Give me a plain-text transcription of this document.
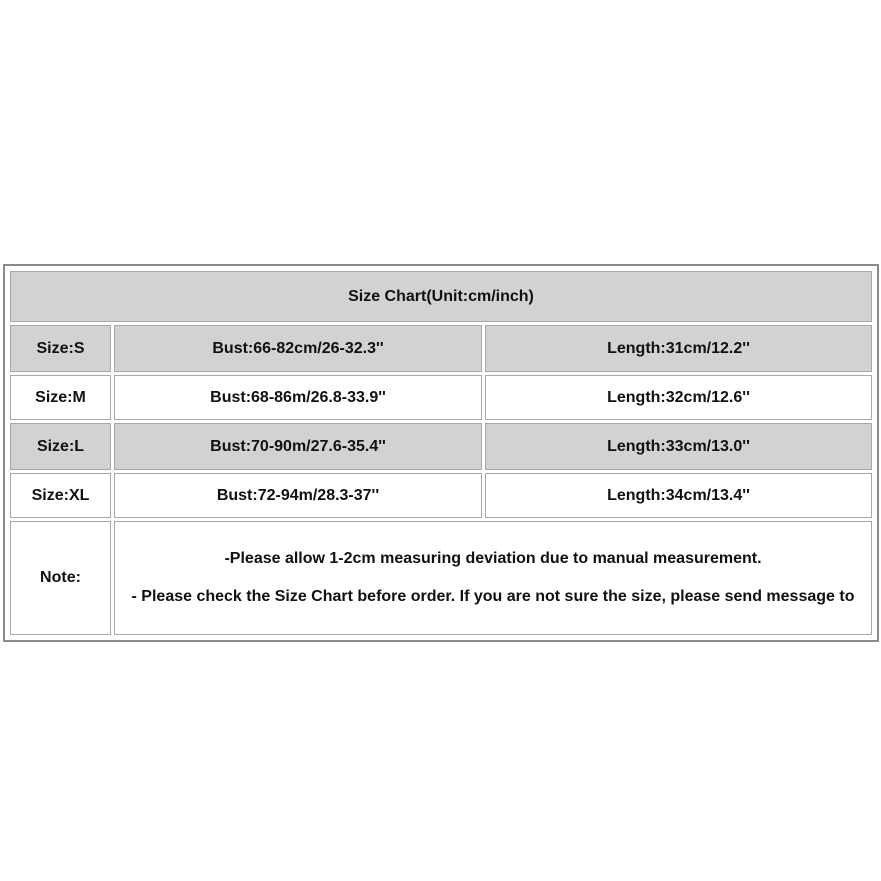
Size Chart(Unit:cm/inch)		
Size:S	Bust:66-82cm/26-32.3''	Length:31cm/12.2''
Size:M	Bust:68-86m/26.8-33.9''	Length:32cm/12.6''
Size:L	Bust:70-90m/27.6-35.4''	Length:33cm/13.0''
Size:XL	Bust:72-94m/28.3-37''	Length:34cm/13.4''
Note:	-Please allow 1-2cm measuring deviation due to manual measurement.

- Please check the Size Chart before order. If you are not sure the size, please send message to	
